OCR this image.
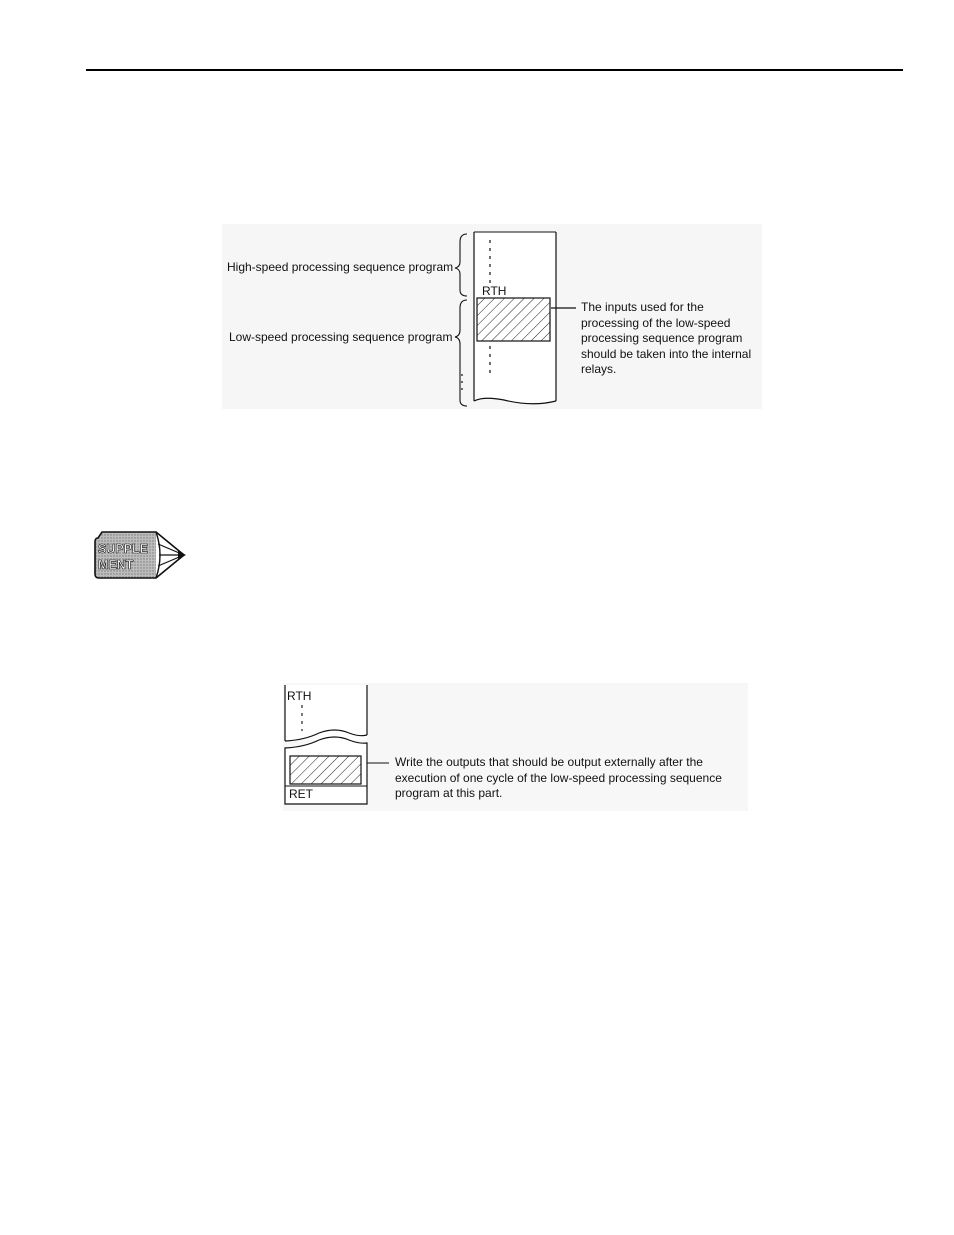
High-speed processing sequence program
Low-speed processing sequence program
RTH
The inputs used for the
processing of the low-speed
processing sequence program
should be taken into the internal
relays.
SUPPLE
MENT
RTH
RET
Write the outputs that should be output externally after the
execution of one cycle of the low-speed processing sequence
program at this part.
